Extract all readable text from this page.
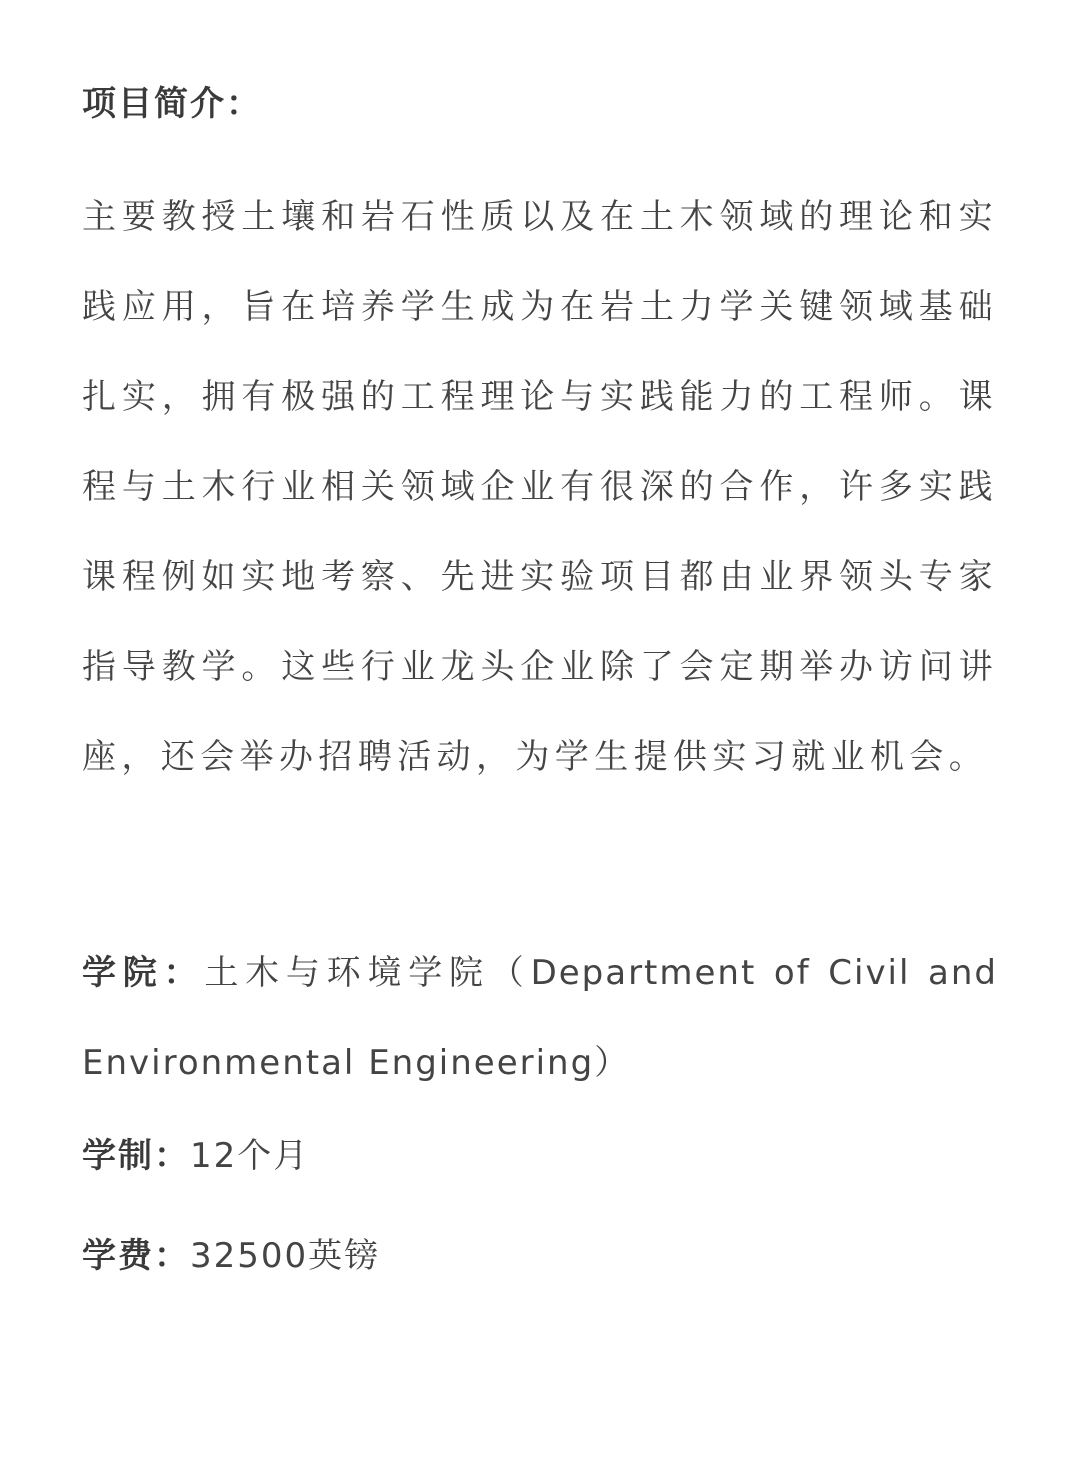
项目简介：

主要教授土壤和岩石性质以及在土木领域的理论和实践应用，旨在培养学生成为在岩土力学关键领域基础扎实，拥有极强的工程理论与实践能力的工程师。课程与土木行业相关领域企业有很深的合作，许多实践课程例如实地考察、先进实验项目都由业界领头专家指导教学。这些行业龙头企业除了会定期举办访问讲座，还会举办招聘活动，为学生提供实习就业机会。

学院：土木与环境学院（Department of Civil and Environmental Engineering）

学制：12个月

学费：32500英镑
